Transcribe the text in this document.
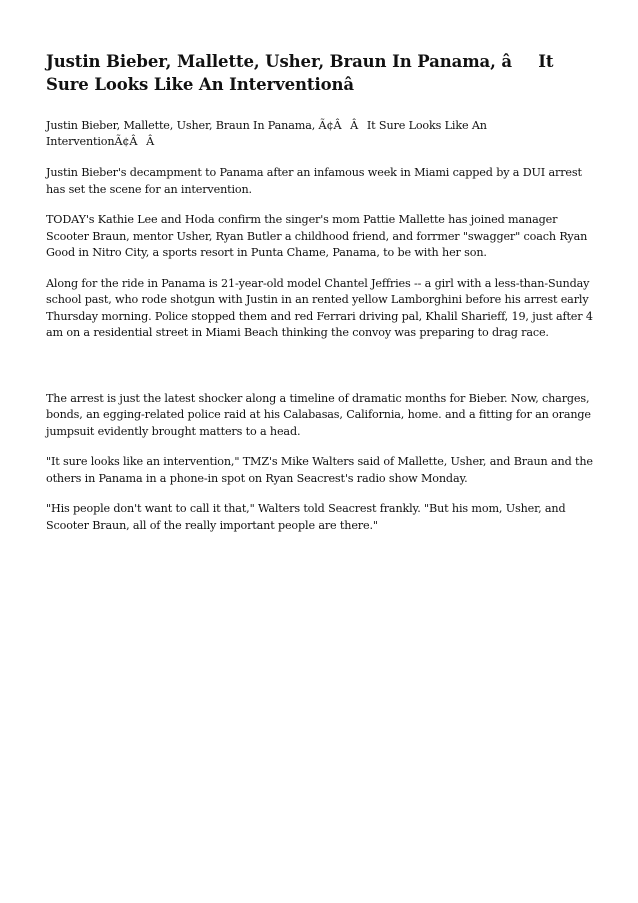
Justin Bieber, Mallette, Usher, Braun In Panama, âIt Sure Looks Like An Interventionâ

Justin Bieber, Mallette, Usher, Braun In Panama, Ã¢ÂÂIt Sure Looks Like An InterventionÃ¢ÂÂ

Justin Bieber's decampment to Panama after an infamous week in Miami capped by a DUI arrest has set the scene for an intervention.

TODAY's Kathie Lee and Hoda confirm the singer's mom Pattie Mallette has joined manager Scooter Braun, mentor Usher, Ryan Butler a childhood friend, and forrmer "swagger" coach Ryan Good in Nitro City, a sports resort in Punta Chame, Panama, to be with her son.

Along for the ride in Panama is 21-year-old model Chantel Jeffries -- a girl with a less-than-Sunday school past, who rode shotgun with Justin in an rented yellow Lamborghini before his arrest early Thursday morning. Police stopped them and red Ferrari driving pal, Khalil Sharieff, 19, just after 4 am on a residential street in Miami Beach thinking the convoy was preparing to drag race.

The arrest is just the latest shocker along a timeline of dramatic months for Bieber. Now, charges, bonds, an egging-related police raid at his Calabasas, California, home. and a fitting for an orange jumpsuit evidently brought matters to a head.

"It sure looks like an intervention," TMZ's Mike Walters said of Mallette, Usher, and Braun and the others in Panama in a phone-in spot on Ryan Seacrest's radio show Monday.

"His people don't want to call it that," Walters told Seacrest frankly. "But his mom, Usher, and Scooter Braun, all of the really important people are there."
